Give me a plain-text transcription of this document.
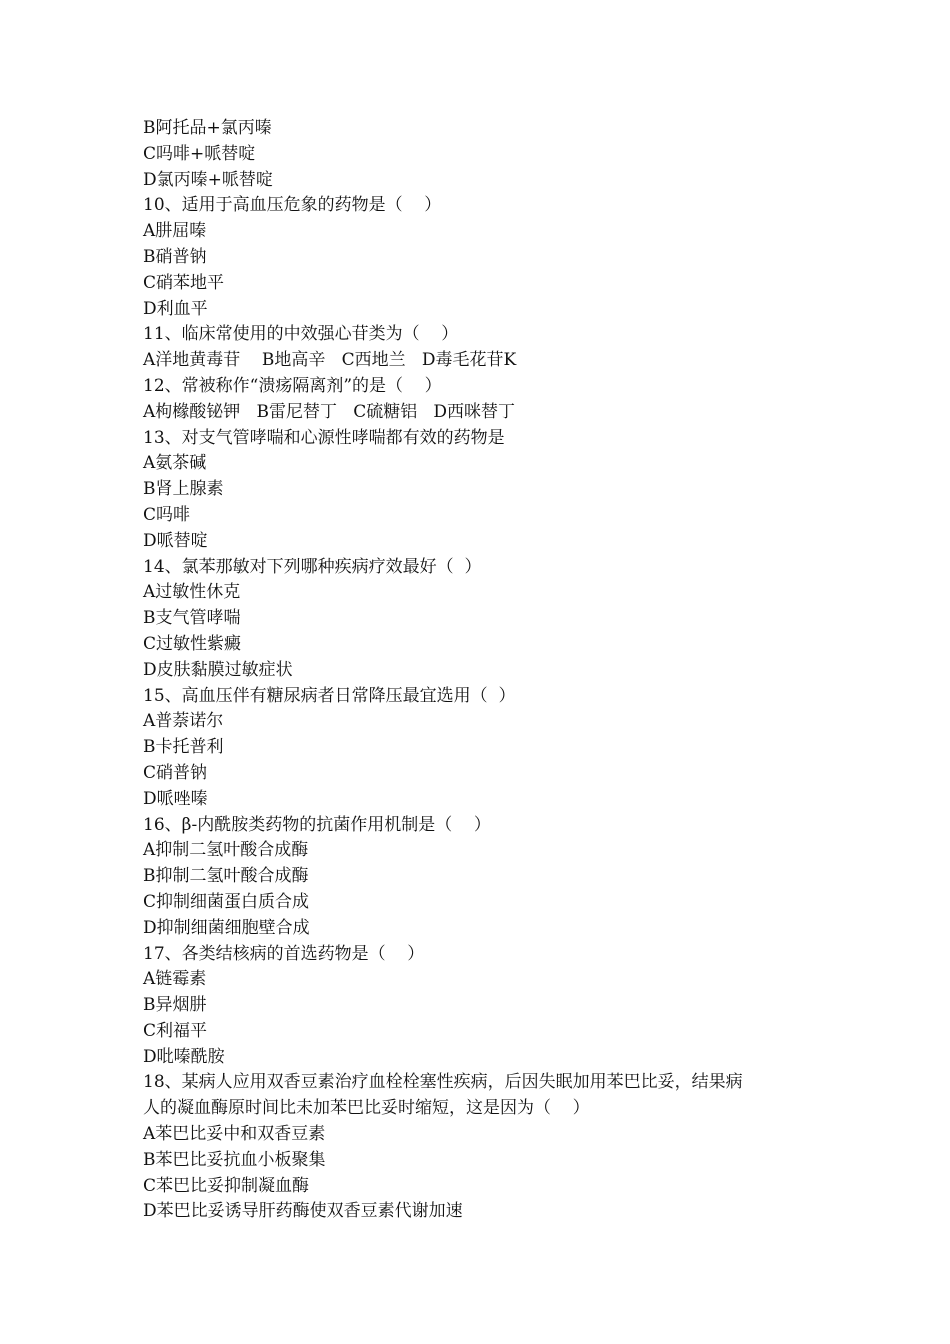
B阿托品+氯丙嗪
C吗啡+哌替啶
D氯丙嗪+哌替啶
10、适用于高血压危象的药物是（    ）
A肼屈嗪
B硝普钠
C硝苯地平
D利血平
11、临床常使用的中效强心苷类为（    ）
A洋地黄毒苷    B地高辛   C西地兰   D毒毛花苷K
12、常被称作“溃疡隔离剂”的是（    ）
A枸橼酸铋钾   B雷尼替丁   C硫糖铝   D西咪替丁
13、对支气管哮喘和心源性哮喘都有效的药物是
A氨茶碱
B肾上腺素
C吗啡
D哌替啶
14、氯苯那敏对下列哪种疾病疗效最好（  ）
A过敏性休克
B支气管哮喘
C过敏性紫癜
D皮肤黏膜过敏症状
15、高血压伴有糖尿病者日常降压最宜选用（  ）
A普萘诺尔
B卡托普利
C硝普钠
D哌唑嗪
16、β-内酰胺类药物的抗菌作用机制是（    ）
A抑制二氢叶酸合成酶
B抑制二氢叶酸合成酶
C抑制细菌蛋白质合成
D抑制细菌细胞壁合成
17、各类结核病的首选药物是（    ）
A链霉素
B异烟肼
C利福平
D吡嗪酰胺
18、某病人应用双香豆素治疗血栓栓塞性疾病，后因失眠加用苯巴比妥，结果病
人的凝血酶原时间比未加苯巴比妥时缩短，这是因为（    ）
A苯巴比妥中和双香豆素
B苯巴比妥抗血小板聚集
C苯巴比妥抑制凝血酶
D苯巴比妥诱导肝药酶使双香豆素代谢加速
